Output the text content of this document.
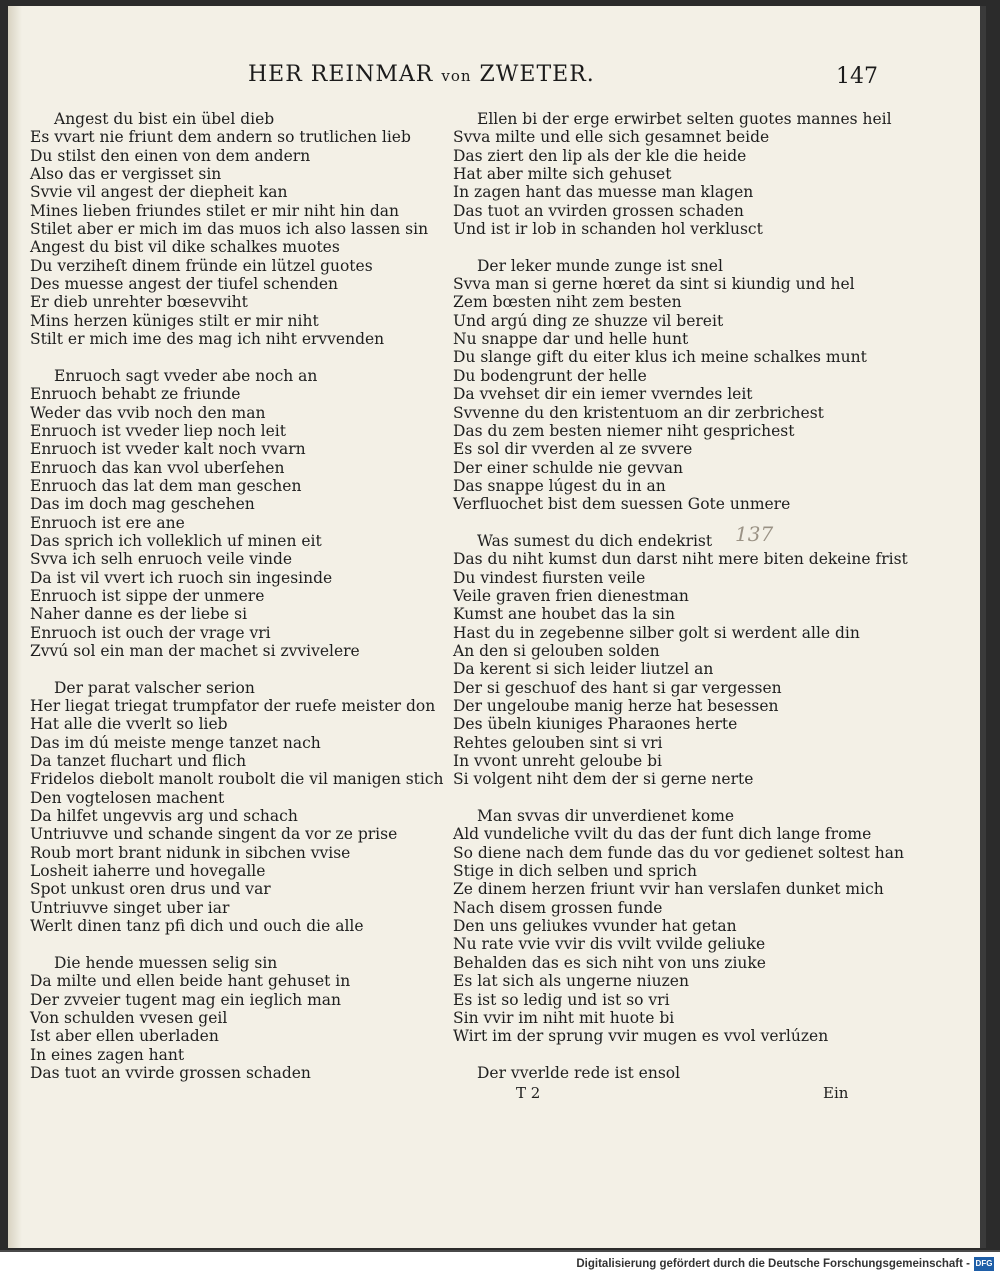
HER REINMAR von ZWETER.	147
137
Angest du bist ein übel dieb
Es vvart nie friunt dem andern so trutlichen lieb
Du stilst den einen von dem andern
Also das er vergisset sin
Svvie vil angest der diepheit kan
Mines lieben friundes stilet er mir niht hin dan
Stilet aber er mich im das muos ich also lassen sin
Angest du bist vil dike schalkes muotes
Du verziheſt dinem fründe ein lützel guotes
Des muesse angest der tiufel schenden
Er dieb unrehter bœsevviht
Mins herzen küniges stilt er mir niht
Stilt er mich ime des mag ich niht ervvenden
Enruoch sagt vveder abe noch an
Enruoch behabt ze friunde
Weder das vvib noch den man
Enruoch ist vveder liep noch leit
Enruoch ist vveder kalt noch vvarn
Enruoch das kan vvol uberſehen
Enruoch das lat dem man geschen
Das im doch mag geschehen
Enruoch ist ere ane
Das sprich ich volleklich uf minen eit
Svva ich selh enruoch veile vinde
Da ist vil vvert ich ruoch sin ingesinde
Enruoch ist sippe der unmere
Naher danne es der liebe si
Enruoch ist ouch der vrage vri
Zvvú sol ein man der machet si zvvivelere
Der parat valscher serion
Her liegat triegat trumpfator der ruefe meister don
Hat alle die vverlt so lieb
Das im dú meiste menge tanzet nach
Da tanzet fluchart und flich
Fridelos diebolt manolt roubolt die vil manigen stich
Den vogtelosen machent
Da hilfet ungevvis arg und schach
Untriuvve und schande singent da vor ze prise
Roub mort brant nidunk in sibchen vvise
Losheit iaherre und hovegalle
Spot unkust oren drus und var
Untriuvve singet uber iar
Werlt dinen tanz pfi dich und ouch die alle
Die hende muessen selig sin
Da milte und ellen beide hant gehuset in
Der zvveier tugent mag ein ieglich man
Von schulden vvesen geil
Ist aber ellen uberladen
In eines zagen hant
Das tuot an vvirde grossen schaden
Ellen bi der erge erwirbet selten guotes mannes heil
Svva milte und elle sich gesamnet beide
Das ziert den lip als der kle die heide
Hat aber milte sich gehuset
In zagen hant das muesse man klagen
Das tuot an vvirden grossen schaden
Und ist ir lob in schanden hol verklusct
Der leker munde zunge ist snel
Svva man si gerne hœret da sint si kiundig und hel
Zem bœsten niht zem besten
Und argú ding ze shuzze vil bereit
Nu snappe dar und helle hunt
Du slange gift du eiter klus ich meine schalkes munt
Du bodengrunt der helle
Da vvehset dir ein iemer vverndes leit
Svvenne du den kristentuom an dir zerbrichest
Das du zem besten niemer niht gesprichest
Es sol dir vverden al ze svvere
Der einer schulde nie gevvan
Das snappe lúgest du in an
Verfluochet bist dem suessen Gote unmere
Was sumest du dich endekrist
Das du niht kumst dun darst niht mere biten dekeine frist
Du vindest fiursten veile
Veile graven frien dienestman
Kumst ane houbet das la sin
Hast du in zegebenne silber golt si werdent alle din
An den si gelouben solden
Da kerent si sich leider liutzel an
Der si geschuof des hant si gar vergessen
Der ungeloube manig herze hat besessen
Des übeln kiuniges Pharaones herte
Rehtes gelouben sint si vri
In vvont unreht geloube bi
Si volgent niht dem der si gerne nerte
Man svvas dir unverdienet kome
Ald vundeliche vvilt du das der funt dich lange frome
So diene nach dem funde das du vor gedienet soltest han
Stige in dich selben und sprich
Ze dinem herzen friunt vvir han verslafen dunket mich
Nach disem grossen funde
Den uns geliukes vvunder hat getan
Nu rate vvie vvir dis vvilt vvilde geliuke
Behalden das es sich niht von uns ziuke
Es lat sich als ungerne niuzen
Es ist so ledig und ist so vri
Sin vvir im niht mit huote bi
Wirt im der sprung vvir mugen es vvol verlúzen
Der vverlde rede ist ensol
T 2	Ein
Digitalisierung gefördert durch die Deutsche Forschungsgemeinschaft - DFG
